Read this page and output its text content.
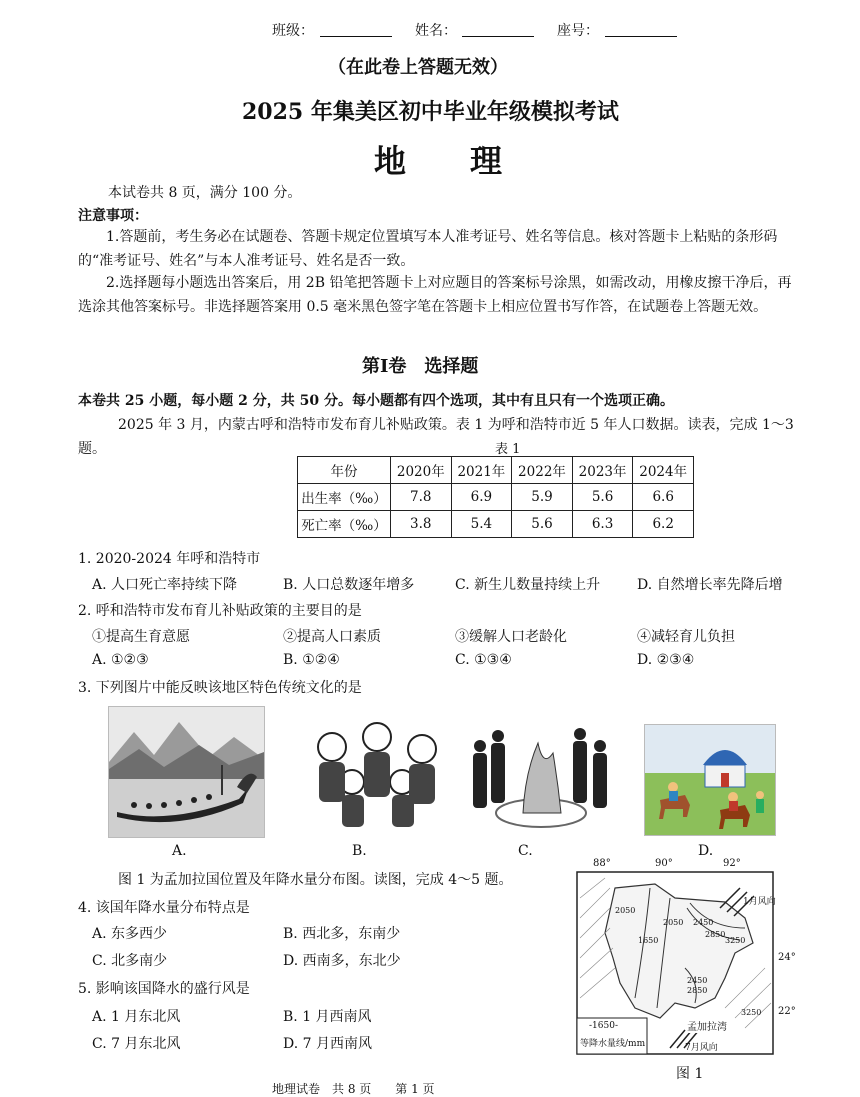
班级：	姓名：	座号：
（在此卷上答题无效）
2025 年集美区初中毕业年级模拟考试
地　　理
本试卷共 8 页，满分 100 分。
注意事项：
1.答题前，考生务必在试题卷、答题卡规定位置填写本人准考证号、姓名等信息。核对答题卡上粘贴的条形码的“准考证号、姓名”与本人准考证号、姓名是否一致。
2.选择题每小题选出答案后，用 2B 铅笔把答题卡上对应题目的答案标号涂黑，如需改动，用橡皮擦干净后，再选涂其他答案标号。非选择题答案用 0.5 毫米黑色签字笔在答题卡上相应位置书写作答，在试题卷上答题无效。
第Ⅰ卷　选择题
本卷共 25 小题，每小题 2 分，共 50 分。每小题都有四个选项，其中有且只有一个选项正确。
2025 年 3 月，内蒙古呼和浩特市发布育儿补贴政策。表 1 为呼和浩特市近 5 年人口数据。读表，完成 1～3 题。	表 1
年份	2020年	2021年	2022年	2023年	2024年
出生率（‰）	7.8	6.9	5.9	5.6	6.6
死亡率（‰）	3.8	5.4	5.6	6.3	6.2
1. 2020-2024 年呼和浩特市
A. 人口死亡率持续下降	B. 人口总数逐年增多	C. 新生儿数量持续上升	D. 自然增长率先降后增
2. 呼和浩特市发布育儿补贴政策的主要目的是
①提高生育意愿	②提高人口素质	③缓解人口老龄化	④减轻育儿负担
A. ①②③	B. ①②④	C. ①③④	D. ②③④
3. 下列图片中能反映该地区特色传统文化的是
A.	B.	C.	D.
图 1 为孟加拉国位置及年降水量分布图。读图，完成 4～5 题。
4. 该国年降水量分布特点是
A. 东多西少	B. 西北多，东南少
C. 北多南少	D. 西南多，东北少
5. 影响该国降水的盛行风是
A. 1 月东北风	B. 1 月西南风
C. 7 月东北风	D. 7 月西南风
88°	90°	92°
24°
22°
1月风向
7月风向
孟加拉湾
-1650-
等降水量线/mm
1650
2050 2450
2850
3250
2450
2850
3250
2050
图 1
地理试卷　共 8 页　　第 1 页
